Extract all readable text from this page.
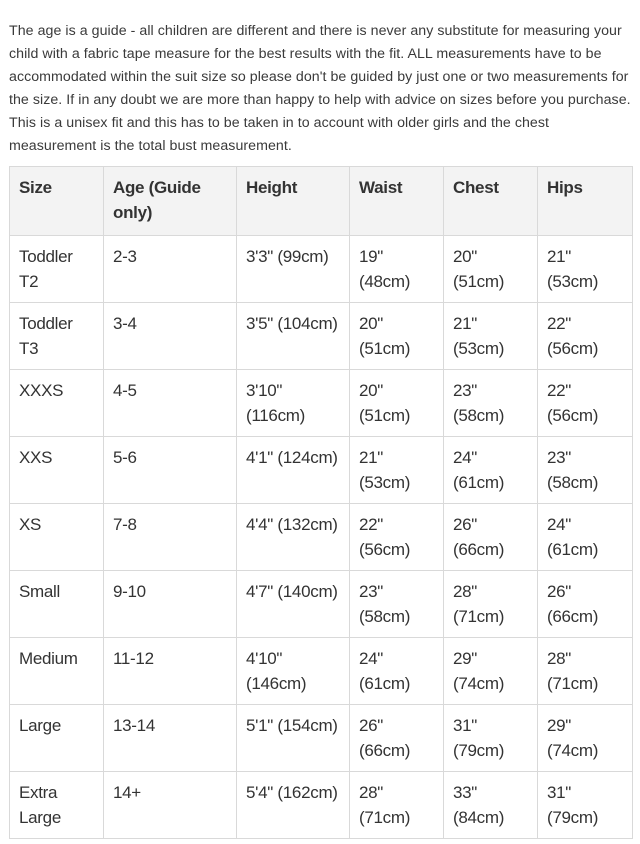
The age is a guide - all children are different and there is never any substitute for measuring your
child with a fabric tape measure for the best results with the fit. ALL measurements have to be
accommodated within the suit size so please don't be guided by just one or two measurements for
the size. If in any doubt we are more than happy to help with advice on sizes before you purchase.
This is a unisex fit and this has to be taken in to account with older girls and the chest
measurement is the total bust measurement.
Size	Age (Guide only)	Height	Waist	Chest	Hips
Toddler T2	2-3	3'3" (99cm)	19" (48cm)	20" (51cm)	21" (53cm)
Toddler T3	3-4	3'5" (104cm)	20" (51cm)	21" (53cm)	22" (56cm)
XXXS	4-5	3'10" (116cm)	20" (51cm)	23" (58cm)	22" (56cm)
XXS	5-6	4'1" (124cm)	21" (53cm)	24" (61cm)	23" (58cm)
XS	7-8	4'4" (132cm)	22" (56cm)	26" (66cm)	24" (61cm)
Small	9-10	4'7" (140cm)	23" (58cm)	28" (71cm)	26" (66cm)
Medium	11-12	4'10" (146cm)	24" (61cm)	29" (74cm)	28" (71cm)
Large	13-14	5'1" (154cm)	26" (66cm)	31" (79cm)	29" (74cm)
Extra Large	14+	5'4" (162cm)	28" (71cm)	33" (84cm)	31" (79cm)
